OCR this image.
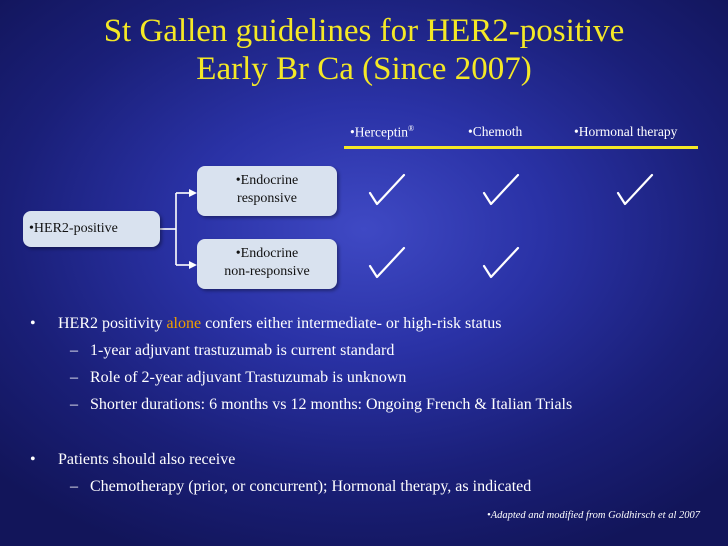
St Gallen guidelines for HER2-positive
Early Br Ca (Since 2007)
•Herceptin®	•Chemoth	•Hormonal therapy
•HER2-positive
•Endocrine
responsive
•Endocrine
non-responsive
• HER2 positivity alone confers either intermediate- or high-risk status
– 1-year adjuvant trastuzumab is current standard
– Role of 2-year adjuvant Trastuzumab is unknown
– Shorter durations: 6 months vs 12 months: Ongoing French & Italian Trials
• Patients should also receive
– Chemotherapy (prior, or concurrent); Hormonal therapy, as indicated
•Adapted and modified from Goldhirsch et al 2007
